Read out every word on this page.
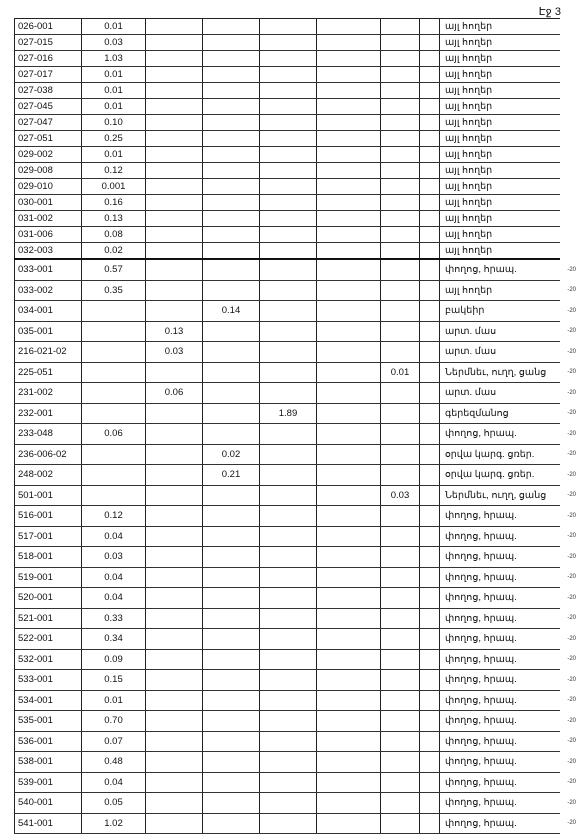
Էջ 3
026-001	0.01							այլ հողեր
027-015	0.03							այլ հողեր
027-016	1.03							այլ հողեր
027-017	0.01							այլ հողեր
027-038	0.01							այլ հողեր
027-045	0.01							այլ հողեր
027-047	0.10							այլ հողեր
027-051	0.25							այլ հողեր
029-002	0.01							այլ հողեր
029-008	0.12							այլ հողեր
029-010	0.001							այլ հողեր
030-001	0.16							այլ հողեր
031-002	0.13							այլ հողեր
031-006	0.08							այլ հողեր
032-003	0.02							այլ հողեր
033-001	0.57							փողոց, հրապ.
033-002	0.35							այլ հողեր
034-001			0.14					բակեիր
035-001		0.13						արտ. մաս
216-021-02		0.03						արտ. մաս
225-051						0.01		Ներմնեւ, ուղղ, ցանց
231-002		0.06						արտ. մաս
232-001				1.89				գերեզմանոց
233-048	0.06							փողոց, հրապ.
236-006-02			0.02					օրվա կարգ. ցռեր.
248-002			0.21					օրվա կարգ. ցռեր.
501-001						0.03		Ներմնեւ, ուղղ, ցանց
516-001	0.12							փողոց, հրապ.
517-001	0.04							փողոց, հրապ.
518-001	0.03							փողոց, հրապ.
519-001	0.04							փողոց, հրապ.
520-001	0.04							փողոց, հրապ.
521-001	0.33							փողոց, հրապ.
522-001	0.34							փողոց, հրապ.
532-001	0.09							փողոց, հրապ.
533-001	0.15							փողոց, հրապ.
534-001	0.01							փողոց, հրապ.
535-001	0.70							փողոց, հրապ.
536-001	0.07							փողոց, հրապ.
538-001	0.48							փողոց, հրապ.
539-001	0.04							փողոց, հրապ.
540-001	0.05							փողոց, հրապ.
541-001	1.02							փողոց, հրապ.
-20
-20
-20
-20
-20
-20
-20
-20
-20
-20
-20
-20
-20
-20
-20
-20
-20
-20
-20
-20
-20
-20
-20
-20
-20
-20
-20
-20
